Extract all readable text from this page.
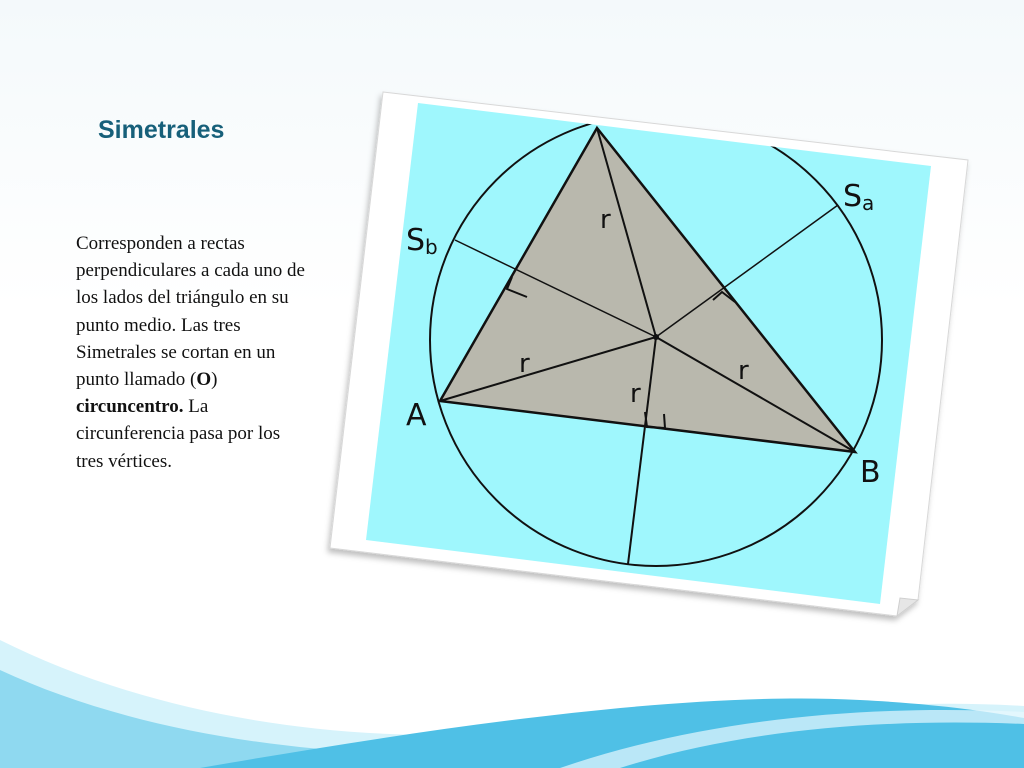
Simetrales

Corresponden a rectas perpendiculares a cada uno de los lados del triángulo en su punto medio. Las tres Simetrales se cortan en un punto llamado (O) circuncentro. La circunferencia pasa por los tres vértices.

A
B
Sa
Sb
r
r	r
r
